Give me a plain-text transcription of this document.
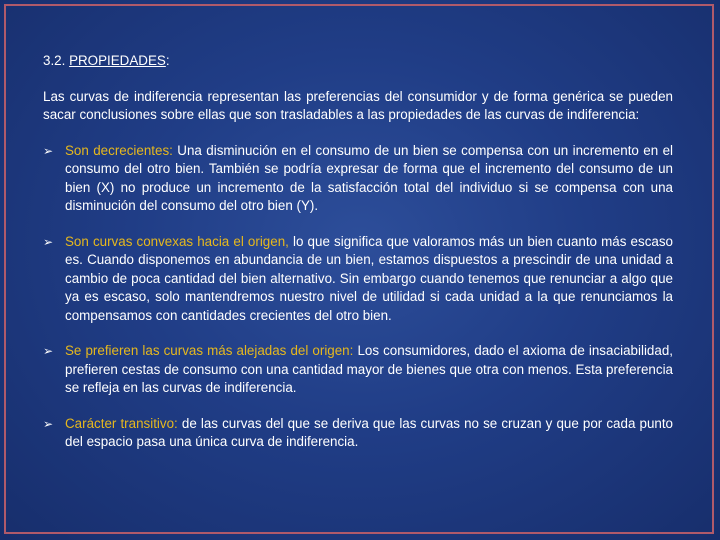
3.2. PROPIEDADES:

Las curvas de indiferencia representan las preferencias del consumidor y de forma genérica se pueden sacar conclusiones sobre ellas que son trasladables a las propiedades de las curvas de indiferencia:

➢ Son decrecientes: Una disminución en el consumo de un bien se compensa con un incremento en el consumo del otro bien. También se podría expresar de forma que el incremento del consumo de un bien (X) no produce un incremento de la satisfacción total del individuo si se compensa con una disminución del consumo del otro bien (Y).
➢ Son curvas convexas hacia el origen, lo que significa que valoramos más un bien cuanto más escaso es. Cuando disponemos en abundancia de un bien, estamos dispuestos a prescindir de una unidad a cambio de poca cantidad del bien alternativo. Sin embargo cuando tenemos que renunciar a algo que ya es escaso, solo mantendremos nuestro nivel de utilidad si cada unidad a la que renunciamos la compensamos con cantidades crecientes del otro bien.
➢ Se prefieren las curvas más alejadas del origen: Los consumidores, dado el axioma de insaciabilidad, prefieren cestas de consumo con una cantidad mayor de bienes que otra con menos. Esta preferencia se refleja en las curvas de indiferencia.
➢ Carácter transitivo: de las curvas del que se deriva que las curvas no se cruzan y que por cada punto del espacio pasa una única curva de indiferencia.
